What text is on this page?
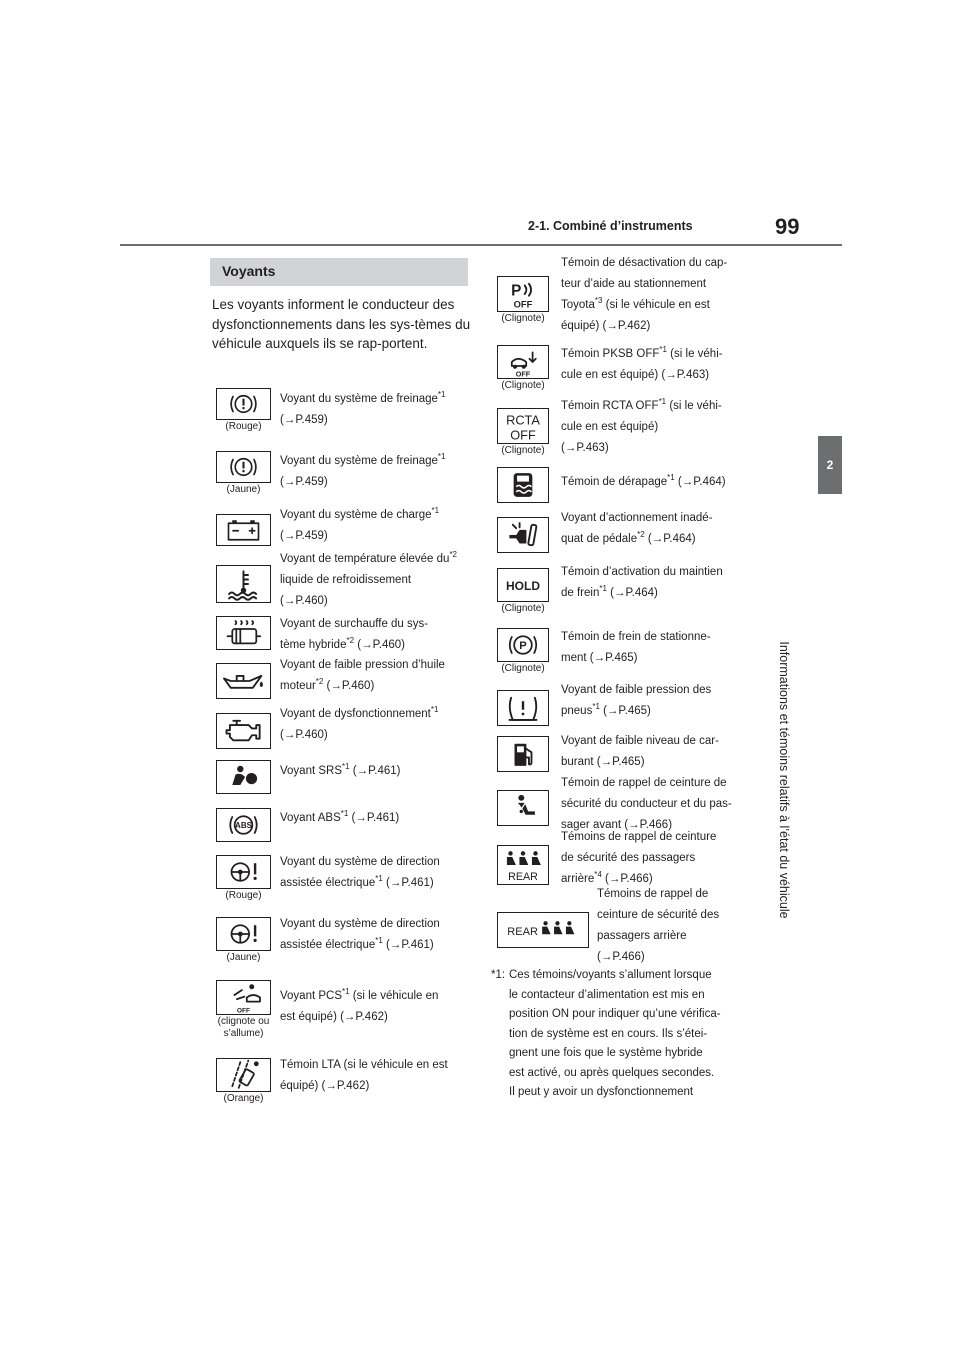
2-1. Combiné d’instruments	99
2
Informations et témoins relatifs à l’état du véhicule
Voyants
Les voyants informent le conducteur des dysfonctionnements dans les sys-tèmes du véhicule auxquels ils se rap-portent.
(Rouge)
Voyant du système de freinage$^{*1}$
(→P.459)

(Jaune)
Voyant du système de freinage$^{*1}$
(→P.459)

Voyant du système de charge$^{*1}$
(→P.459)

Voyant de température élevée $du^{*2}$
liquide de refroidissement
(→P.460)

Voyant de surchauffe du sys-
tème hybride$^{*2}$ (→P.460)

Voyant de faible pression d’huile
moteur$^{*2}$ (→P.460)

Voyant de dysfonctionnement$^{*1}$
(→P.460)

Voyant SRS$^{*1}$ (→P.461)

ABS
Voyant ABS$^{*1}$ (→P.461)

(Rouge)
Voyant du système de direction
assistée électrique$^{*1}$ (→P.461)

(Jaune)
Voyant du système de direction
assistée électrique$^{*1}$ (→P.461)

OFF
(clignote ou s’allume)
Voyant PCS$^{*1}$ (si le véhicule en
est équipé) (→P.462)

(Orange)
Témoin LTA (si le véhicule en est
équipé) (→P.462)

P
OFF
(Clignote)
Témoin de désactivation du cap-
teur d’aide au stationnement
Toyota$^{*3}$ (si le véhicule en est
équipé) (→P.462)

OFF
(Clignote)
Témoin PKSB OFF$^{*1}$ (si le véhi-
cule en est équipé) (→P.463)

RCTA
OFF
(Clignote)
Témoin RCTA OFF$^{*1}$ (si le véhi-
cule en est équipé)
(→P.463)

Témoin de dérapage$^{*1}$ (→P.464)

Voyant d’actionnement inadé-
quat de pédale$^{*2}$ (→P.464)

HOLD
(Clignote)
Témoin d’activation du maintien
de frein$^{*1}$ (→P.464)

P
(Clignote)
Témoin de frein de stationne-
ment (→P.465)

Voyant de faible pression des
pneus$^{*1}$ (→P.465)

Voyant de faible niveau de car-
burant (→P.465)

Témoin de rappel de ceinture de
sécurité du conducteur et du pas-
sager avant (→P.466)

REAR
Témoins de rappel de ceinture
de sécurité des passagers
arrière$^{*4}$ (→P.466)

REAR
Témoins de rappel de
ceinture de sécurité des
passagers arrière
(→P.466)

*1: Ces témoins/voyants s’allument lorsque
le contacteur d’alimentation est mis en
position ON pour indiquer qu’une vérifica-
tion de système est en cours. Ils s’étei-
gnent une fois que le système hybride
est activé, ou après quelques secondes.
Il peut y avoir un dysfonctionnement
